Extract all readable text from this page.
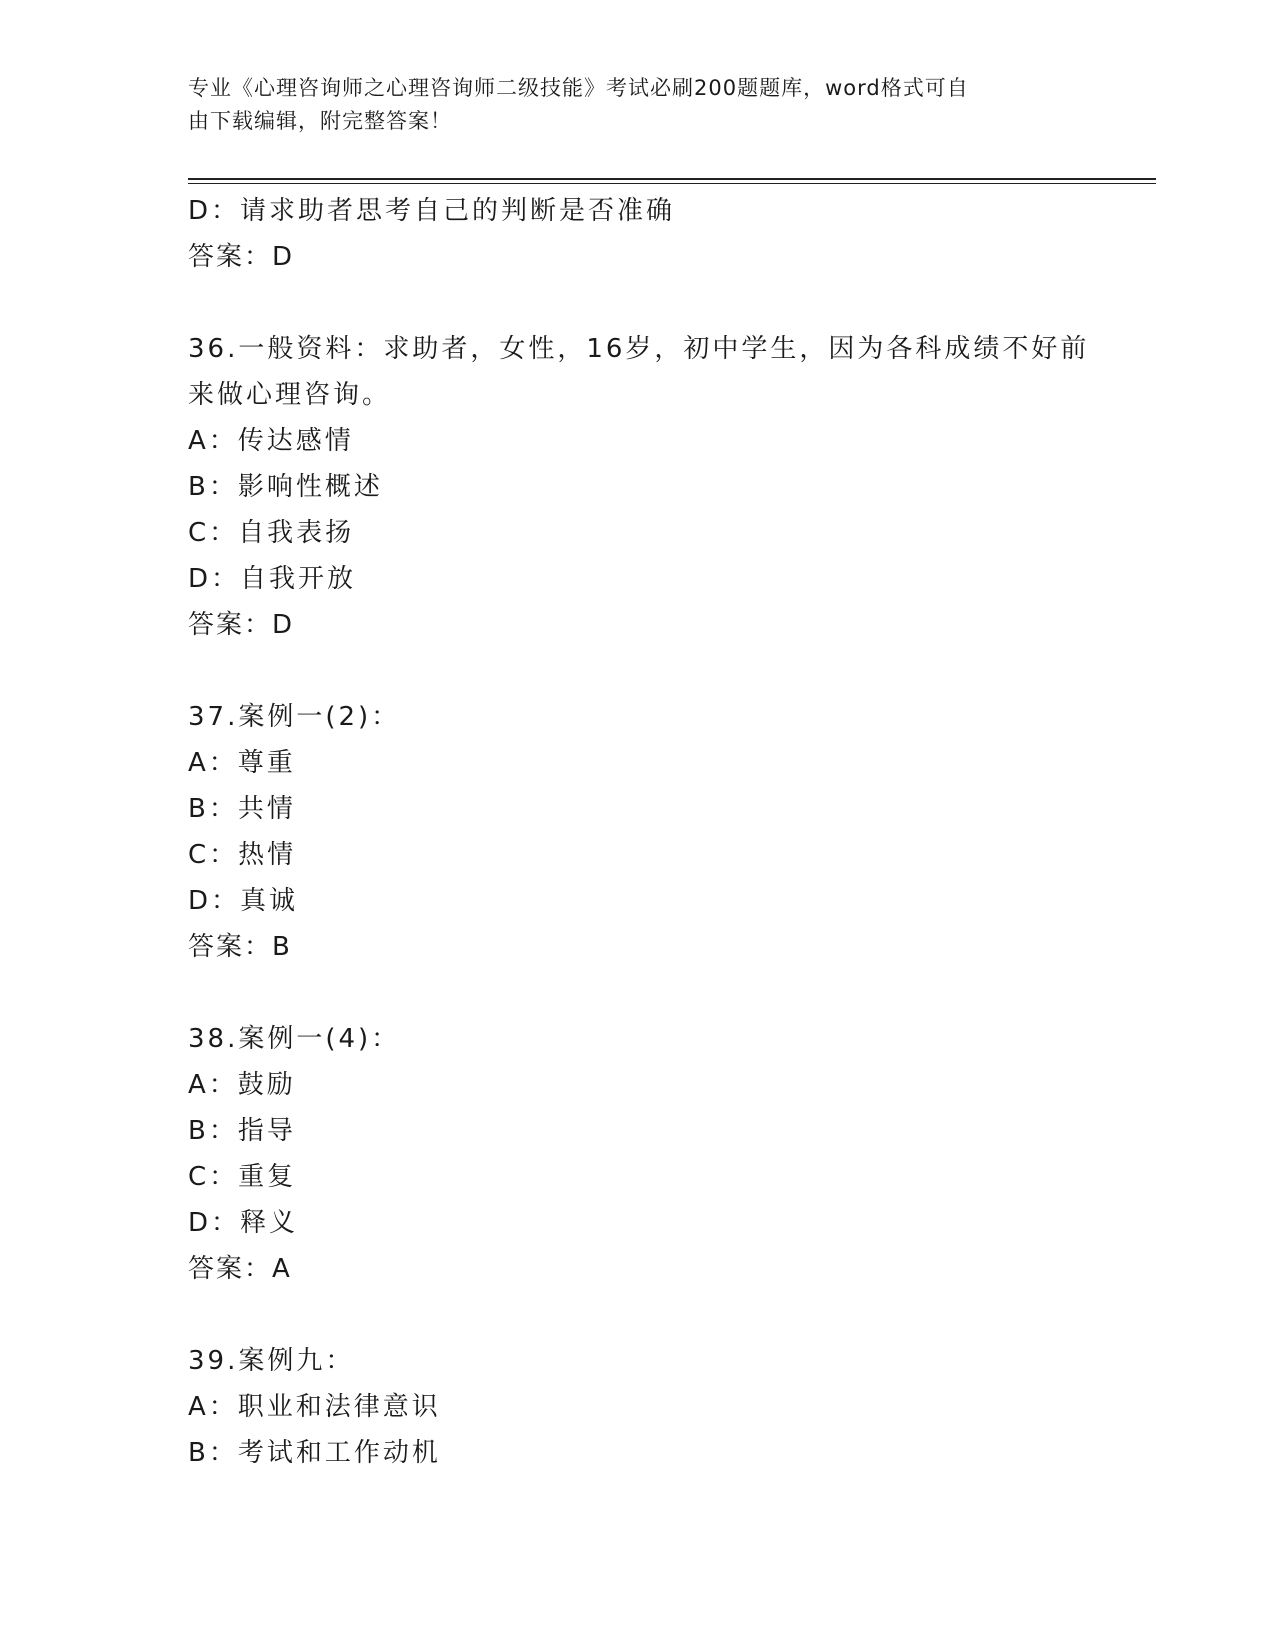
专业《心理咨询师之心理咨询师二级技能》考试必刷200题题库，word格式可自
由下载编辑，附完整答案！
D：请求助者思考自己的判断是否准确
答案：D
36.一般资料：求助者，女性，16岁，初中学生，因为各科成绩不好前
来做心理咨询。
A：传达感情
B：影响性概述
C：自我表扬
D：自我开放
答案：D
37.案例一(2)：
A：尊重
B：共情
C：热情
D：真诚
答案：B
38.案例一(4)：
A：鼓励
B：指导
C：重复
D：释义
答案：A
39.案例九：
A：职业和法律意识
B：考试和工作动机
